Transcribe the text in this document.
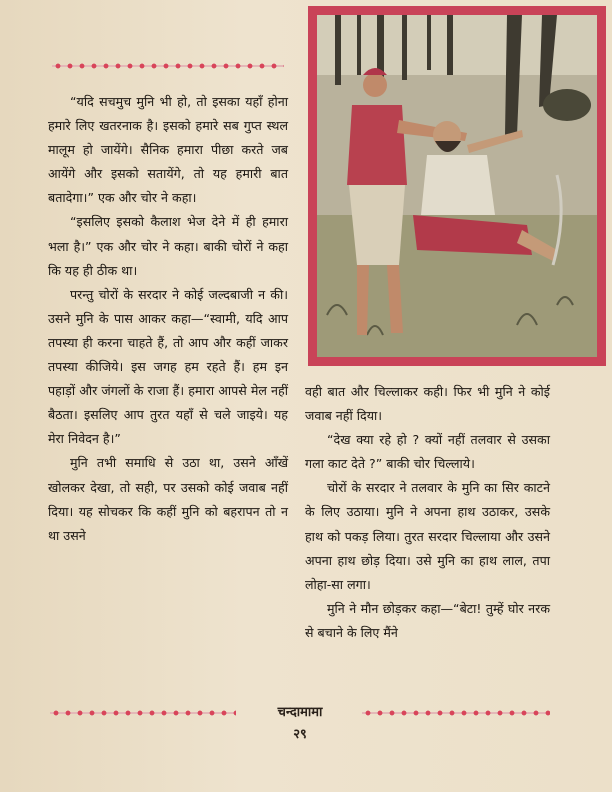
“यदि सचमुच मुनि भी हो, तो इसका यहाँ होना हमारे लिए खतरनाक है। इसको हमारे सब गुप्त स्थल मालूम हो जायेंगे। सैनिक हमारा पीछा करते जब आयेंगे और इसको सतायेंगे, तो यह हमारी बात बतादेगा।” एक और चोर ने कहा।

“इसलिए इसको कैलाश भेज देने में ही हमारा भला है।” एक और चोर ने कहा। बाकी चोरों ने कहा कि यह ही ठीक था।

परन्तु चोरों के सरदार ने कोई जल्दबाजी न की। उसने मुनि के पास आकर कहा—“स्वामी, यदि आप तपस्या ही करना चाहते हैं, तो आप और कहीं जाकर तपस्या कीजिये। इस जगह हम रहते हैं। हम इन पहाड़ों और जंगलों के राजा हैं। हमारा आपसे मेल नहीं बैठता। इसलिए आप तुरत यहाँ से चले जाइये। यह मेरा निवेदन है।”

मुनि तभी समाधि से उठा था, उसने आँखें खोलकर देखा, तो सही, पर उसको कोई जवाब नहीं दिया। यह सोचकर कि कहीं मुनि को बहरापन तो न था उसने

वही बात और चिल्लाकर कही। फिर भी मुनि ने कोई जवाब नहीं दिया।

“देख क्या रहे हो ? क्यों नहीं तलवार से उसका गला काट देते ?” बाकी चोर चिल्लाये।

चोरों के सरदार ने तलवार के मुनि का सिर काटने के लिए उठाया। मुनि ने अपना हाथ उठाकर, उसके हाथ को पकड़ लिया। तुरत सरदार चिल्लाया और उसने अपना हाथ छोड़ दिया। उसे मुनि का हाथ लाल, तपा लोहा-सा लगा।

मुनि ने मौन छोड़कर कहा—“बेटा! तुम्हें घोर नरक से बचाने के लिए मैंने

चन्दामामा
२९
